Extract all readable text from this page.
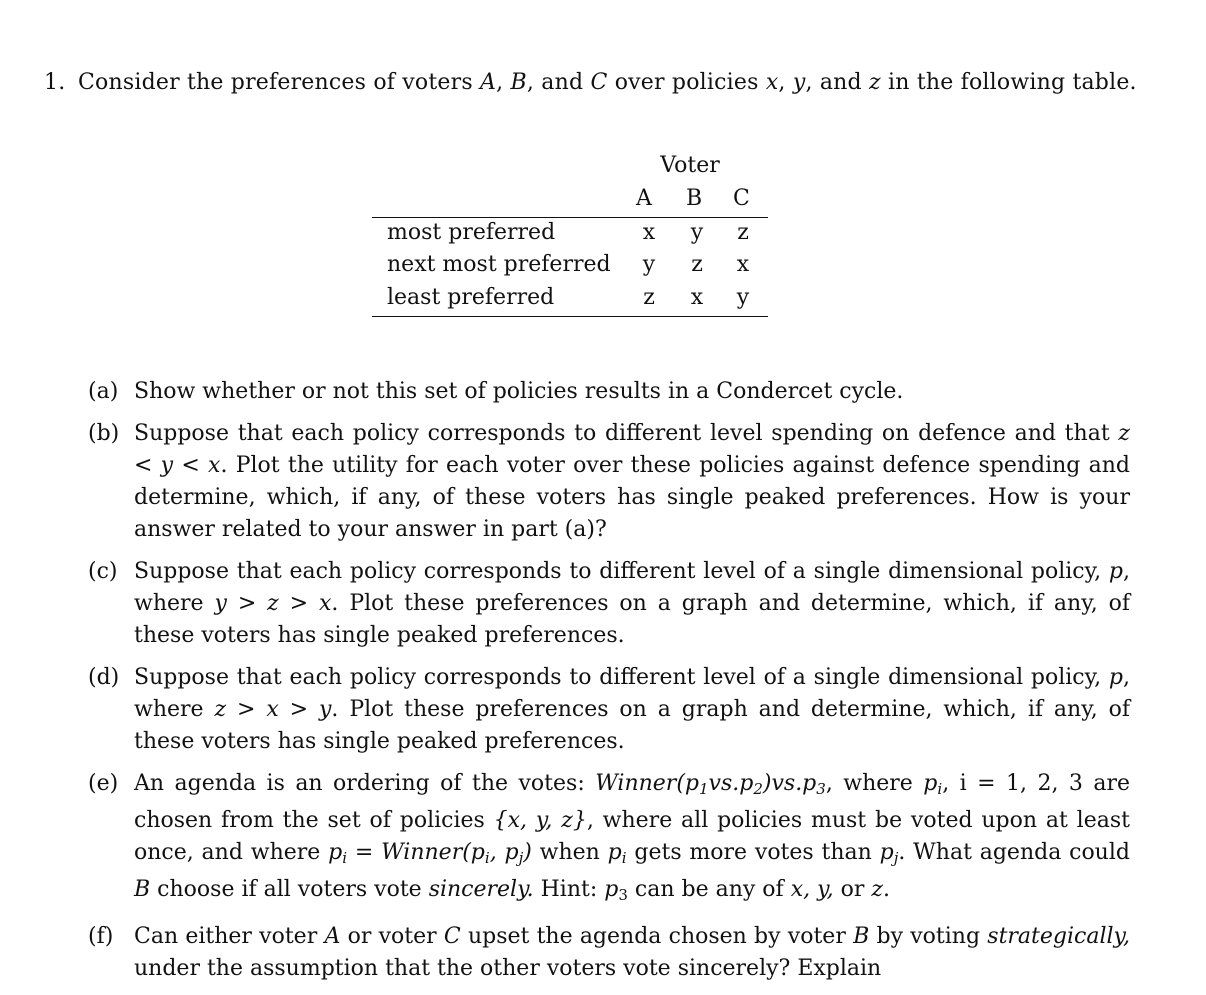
1. Consider the preferences of voters A, B, and C over policies x, y, and z in the following table.
Voter
A B C
most preferred	x	y	z
next most preferred	y	z	x
least preferred	z	x	y
(a) Show whether or not this set of policies results in a Condercet cycle.
(b) Suppose that each policy corresponds to different level spending on defence and that z < y < x. Plot the utility for each voter over these policies against defence spending and determine, which, if any, of these voters has single peaked preferences. How is your answer related to your answer in part (a)?
(c) Suppose that each policy corresponds to different level of a single dimensional policy, p, where y > z > x. Plot these preferences on a graph and determine, which, if any, of these voters has single peaked preferences.
(d) Suppose that each policy corresponds to different level of a single dimensional policy, p, where z > x > y. Plot these preferences on a graph and determine, which, if any, of these voters has single peaked preferences.
(e) An agenda is an ordering of the votes: $Winner(p_1vs.p_2)vs.p_3$, where $p_i$, i = 1, 2, 3 are chosen from the set of policies {x, y, z}, where all policies must be voted upon at least once, and where $p_i$ = $Winner(p_i$, $p_j$) when $p_i$ gets more votes than $p_j$. What agenda could B choose if all voters vote sincerely. Hint: $p_3$ can be any of x, y, or z.
(f) Can either voter A or voter C upset the agenda chosen by voter B by voting strategically, under the assumption that the other voters vote sincerely? Explain
